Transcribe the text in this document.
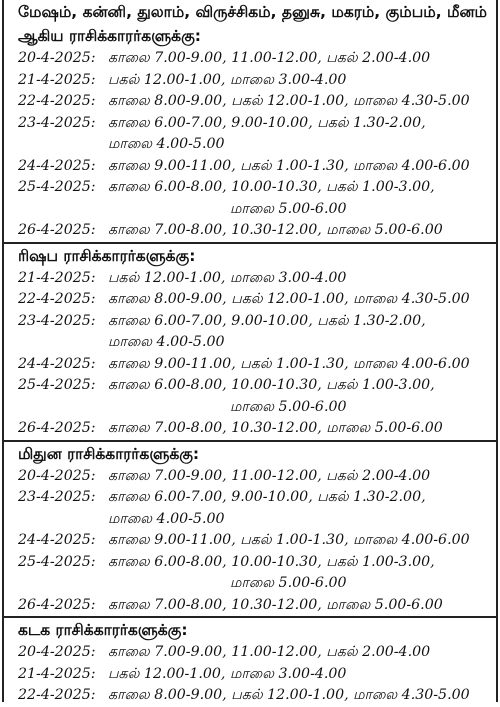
மேஷம், கன்னி, துலாம், விருச்சிகம், தனுசு, மகரம், கும்பம், மீனம்
ஆகிய ராசிக்காரர்களுக்கு:
20-4-2025: காலை 7.00-9.00, 11.00-12.00, பகல் 2.00-4.00
21-4-2025: பகல் 12.00-1.00, மாலை 3.00-4.00
22-4-2025: காலை 8.00-9.00, பகல் 12.00-1.00, மாலை 4.30-5.00
23-4-2025: காலை 6.00-7.00, 9.00-10.00, பகல் 1.30-2.00,
மாலை 4.00-5.00
24-4-2025: காலை 9.00-11.00, பகல் 1.00-1.30, மாலை 4.00-6.00
25-4-2025: காலை 6.00-8.00, 10.00-10.30, பகல் 1.00-3.00,
மாலை 5.00-6.00
26-4-2025: காலை 7.00-8.00, 10.30-12.00, மாலை 5.00-6.00
ரிஷப ராசிக்காரர்களுக்கு:
21-4-2025: பகல் 12.00-1.00, மாலை 3.00-4.00
22-4-2025: காலை 8.00-9.00, பகல் 12.00-1.00, மாலை 4.30-5.00
23-4-2025: காலை 6.00-7.00, 9.00-10.00, பகல் 1.30-2.00,
மாலை 4.00-5.00
24-4-2025: காலை 9.00-11.00, பகல் 1.00-1.30, மாலை 4.00-6.00
25-4-2025: காலை 6.00-8.00, 10.00-10.30, பகல் 1.00-3.00,
மாலை 5.00-6.00
26-4-2025: காலை 7.00-8.00, 10.30-12.00, மாலை 5.00-6.00
மிதுன ராசிக்காரர்களுக்கு:
20-4-2025: காலை 7.00-9.00, 11.00-12.00, பகல் 2.00-4.00
23-4-2025: காலை 6.00-7.00, 9.00-10.00, பகல் 1.30-2.00,
மாலை 4.00-5.00
24-4-2025: காலை 9.00-11.00, பகல் 1.00-1.30, மாலை 4.00-6.00
25-4-2025: காலை 6.00-8.00, 10.00-10.30, பகல் 1.00-3.00,
மாலை 5.00-6.00
26-4-2025: காலை 7.00-8.00, 10.30-12.00, மாலை 5.00-6.00
கடக ராசிக்காரர்களுக்கு:
20-4-2025: காலை 7.00-9.00, 11.00-12.00, பகல் 2.00-4.00
21-4-2025: பகல் 12.00-1.00, மாலை 3.00-4.00
22-4-2025: காலை 8.00-9.00, பகல் 12.00-1.00, மாலை 4.30-5.00
